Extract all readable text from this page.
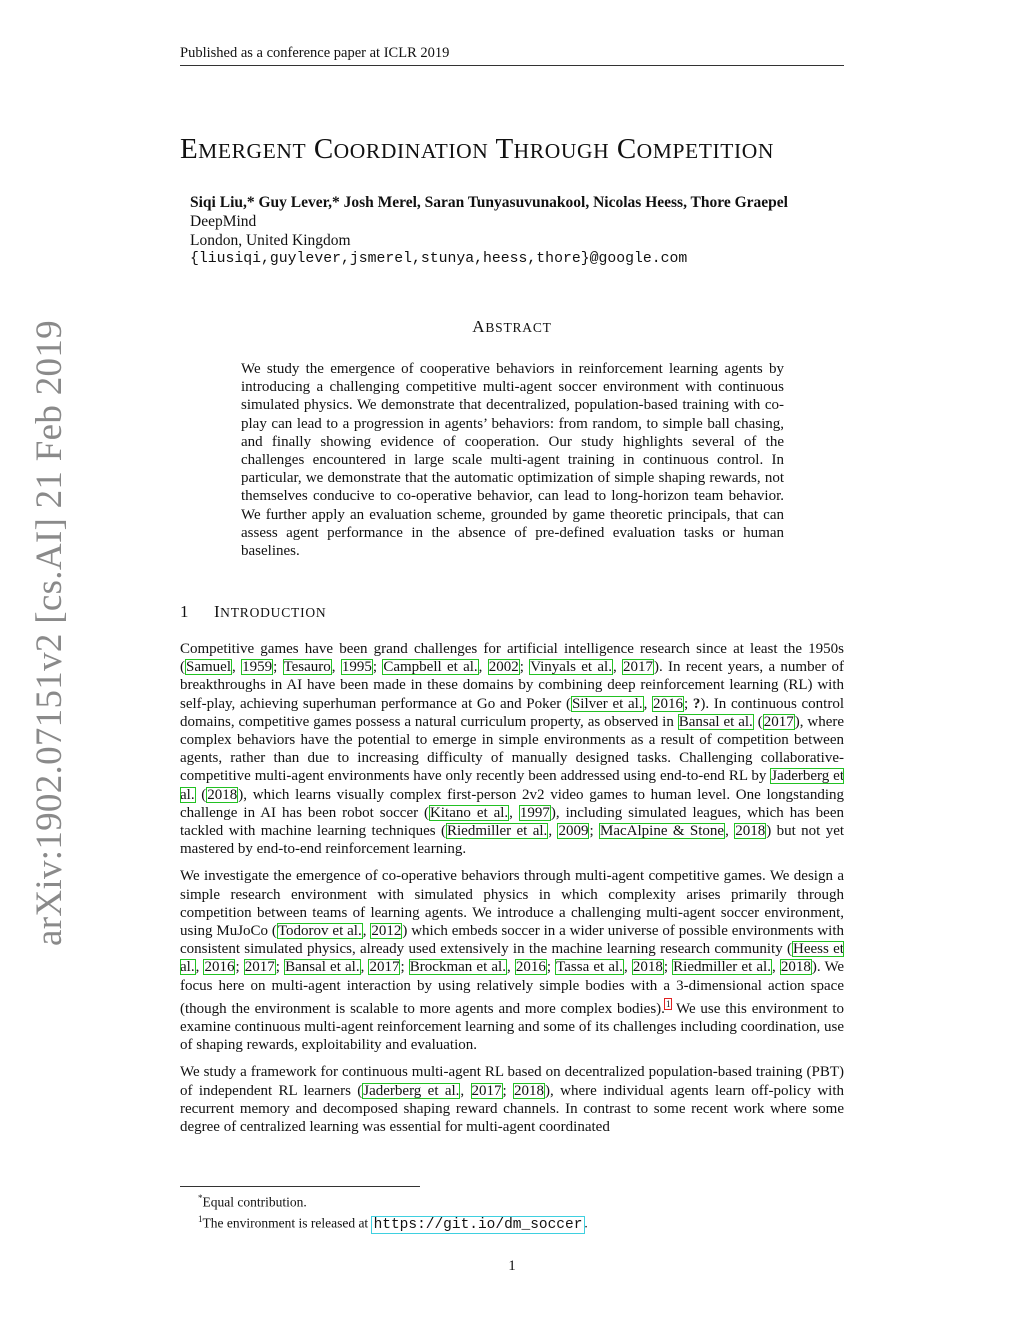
Published as a conference paper at ICLR 2019
arXiv:1902.07151v2 [cs.AI] 21 Feb 2019
EMERGENT COORDINATION THROUGH COMPETITION
Siqi Liu,* Guy Lever,* Josh Merel, Saran Tunyasuvunakool, Nicolas Heess, Thore Graepel
DeepMind
London, United Kingdom
{liusiqi,guylever,jsmerel,stunya,heess,thore}@google.com
ABSTRACT
We study the emergence of cooperative behaviors in reinforcement learning agents by introducing a challenging competitive multi-agent soccer environment with continuous simulated physics. We demonstrate that decentralized, population-based training with co-play can lead to a progression in agents’ behaviors: from random, to simple ball chasing, and finally showing evidence of cooperation. Our study highlights several of the challenges encountered in large scale multi-agent training in continuous control. In particular, we demonstrate that the automatic optimization of simple shaping rewards, not themselves conducive to co-operative behavior, can lead to long-horizon team behavior. We further apply an evaluation scheme, grounded by game theoretic principals, that can assess agent performance in the absence of pre-defined evaluation tasks or human baselines.
1 INTRODUCTION

Competitive games have been grand challenges for artificial intelligence research since at least the 1950s (Samuel, 1959; Tesauro, 1995; Campbell et al., 2002; Vinyals et al., 2017). In recent years, a number of breakthroughs in AI have been made in these domains by combining deep reinforcement learning (RL) with self-play, achieving superhuman performance at Go and Poker (Silver et al., 2016; ?). In continuous control domains, competitive games possess a natural curriculum property, as observed in Bansal et al. (2017), where complex behaviors have the potential to emerge in simple environments as a result of competition between agents, rather than due to increasing difficulty of manually designed tasks. Challenging collaborative-competitive multi-agent environments have only recently been addressed using end-to-end RL by Jaderberg et al. (2018), which learns visually complex first-person 2v2 video games to human level. One longstanding challenge in AI has been robot soccer (Kitano et al., 1997), including simulated leagues, which has been tackled with machine learning techniques (Riedmiller et al., 2009; MacAlpine & Stone, 2018) but not yet mastered by end-to-end reinforcement learning.

We investigate the emergence of co-operative behaviors through multi-agent competitive games. We design a simple research environment with simulated physics in which complexity arises primarily through competition between teams of learning agents. We introduce a challenging multi-agent soccer environment, using MuJoCo (Todorov et al., 2012) which embeds soccer in a wider universe of possible environments with consistent simulated physics, already used extensively in the machine learning research community (Heess et al., 2016; 2017; Bansal et al., 2017; Brockman et al., 2016; Tassa et al., 2018; Riedmiller et al., 2018). We focus here on multi-agent interaction by using relatively simple bodies with a 3-dimensional action space (though the environment is scalable to more agents and more complex bodies).$^1$ We use this environment to examine continuous multi-agent reinforcement learning and some of its challenges including coordination, use of shaping rewards, exploitability and evaluation.

We study a framework for continuous multi-agent RL based on decentralized population-based training (PBT) of independent RL learners (Jaderberg et al., 2017; 2018), where individual agents learn off-policy with recurrent memory and decomposed shaping reward channels. In contrast to some recent work where some degree of centralized learning was essential for multi-agent coordinated

*Equal contribution.
$^1$The environment is released at https://git.io/dm_soccer .
1
